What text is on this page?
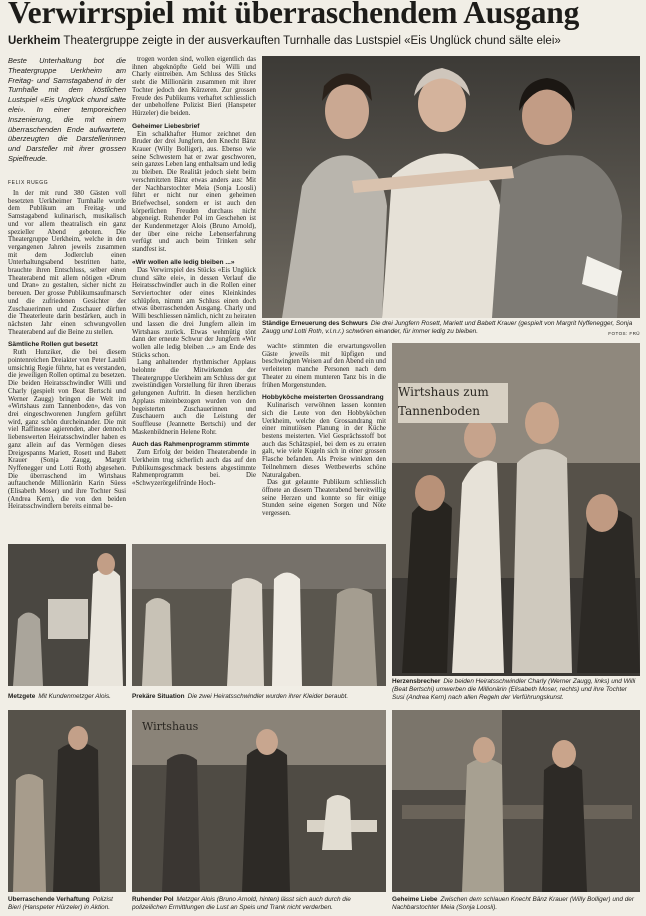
Verwirrspiel mit überraschendem Ausgang
Uerkheim Theatergruppe zeigte in der ausverkauften Turnhalle das Lustspiel «Eis Unglück chund sälte elei»
Beste Unterhaltung bot die Theatergruppe Uerkheim am Freitag- und Samstagabend in der Turnhalle mit dem köstlichen Lustspiel «Eis Unglück chund sälte elei». In einer temporeichen Inszenierung, die mit einem überraschenden Ende aufwartete, überzeugten die Darstellerinnen und Darsteller mit ihrer grossen Spielfreude.
FELIX RÜEGG

In der mit rund 380 Gästen voll besetzten Uerkheimer Turnhalle wurde dem Publikum am Freitag- und Samstagabend kulinarisch, musikalisch und vor allem theatralisch ein ganz spezieller Abend geboten. Die Theatergruppe Uerkheim, welche in den vergangenen Jahren jeweils zusammen mit dem Jodlerclub einen Unterhaltungsabend bestritten hatte, brauchte ihren Entschluss, selber einen Theaterabend mit allem nötigen «Drum und Dran» zu gestalten, sicher nicht zu bereuen. Der grosse Publikumsaufmarsch und die zufriedenen Gesichter der Zuschauerinnen und Zuschauer dürften die Theaterleute darin bestärken, auch in nächsten Jahr einen schwungvollen Theaterabend auf die Beine zu stellen.

Sämtliche Rollen gut besetzt

Ruth Hunziker, die bei diesem pointenreichen Dreiakter von Peter Laubli umsichtig Regie führte, hat es verstanden, die jeweiligen Rollen optimal zu besetzen. Die beiden Heiratsschwindler Willi und Charly (gespielt von Beat Bertschi und Werner Zaugg) bringen die Welt im «Wirtshaus zum Tannenboden», das von drei eingeschworenen Jungfern geführt wird, ganz schön durcheinander. Die mit viel Raffinesse agierenden, aber dennoch liebenswerten Heiratsschwindler haben es ganz allein auf das Vermögen dieses Dreigespanns Mariett, Rosett und Babett Krauer (Sonja Zaugg, Margrit Nyffenegger und Lotti Roth) abgesehen. Die überraschend im Wirtshaus auftauchende Millionärin Karin Süess (Elisabeth Moser) und ihre Tochter Susi (Andrea Kern), die von den beiden Heiratsschwindlern bereits einmal be-

trogen worden sind, wollen eigentlich das ihnen abgeknöpfte Geld bei Willi und Charly eintreiben. Am Schluss des Stücks steht die Millionärin zusammen mit ihrer Tochter jedoch den Kürzeren. Zur grossen Freude des Publikums verhaftet schliesslich der unbeholfene Polizist Bieri (Hanspeter Hürzeler) die beiden.

Geheimer Liebesbrief

Ein schalkhafter Humor zeichnet den Bruder der drei Jungfern, den Knecht Bänz Krauer (Willy Bolliger), aus. Ebenso wie seine Schwestern hat er zwar geschworen, sein ganzes Leben lang enthaltsam und ledig zu bleiben. Die Realität jedoch sieht beim verschmitzten Bänz etwas anders aus: Mit der Nachbarstochter Meia (Sonja Loosli) führt er nicht nur einen geheimen Briefwechsel, sondern er ist auch den körperlichen Freuden durchaus nicht abgeneigt. Ruhender Pol im Geschehen ist der Kundenmetzger Alois (Bruno Arnold), der über eine reiche Lebenserfahrung verfügt und auch beim Trinken sehr standfest ist.

«Wir wollen alle ledig bleiben ...»

Das Verwirrspiel des Stücks «Eis Unglück chund sälte elei», in dessen Verlauf die Heiratsschwindler auch in die Rollen einer Serviertochter oder eines Kleinkindes schlüpfen, nimmt am Schluss einen doch etwas überraschenden Ausgang. Charly und Willi beschliessen nämlich, nicht zu heiraten und lassen die drei Jungfern allein im Wirtshaus zurück. Etwas wehmütig tönt dann der erneute Schwur der Jungfern «Wir wollen alle ledig bleiben ...» am Ende des Stücks schon.

Lang anhaltender rhythmischer Applaus belohnte die Mitwirkenden der Theatergruppe Uerkheim am Schluss der gut zweistündigen Vorstellung für ihren überaus gelungenen Auftritt. In diesen herzlichen Applaus miteinbezogen wurden von den begeisterten Zuschauerinnen und Zuschauern auch die Leistung der Souffleuse (Jeannette Bertschi) und der Maskenbildnerin Helene Rohr.

Auch das Rahmenprogramm stimmte

Zum Erfolg der beiden Theaterabende in Uerkheim trug sicherlich auch das auf den Publikumsgeschmack bestens abgestimmte Rahmenprogramm bei. Die «Schwyzerörgelifründe Hoch-

wacht» stimmten die erwartungsvollen Gäste jeweils mit lüpfigen und beschwingten Weisen auf den Abend ein und verleiteten manche Personen nach dem Theater zu einem munteren Tanz bis in die frühen Morgenstunden.

Hobbyköche meisterten Grossandrang

Kulinarisch verwöhnen lassen konnten sich die Leute von den Hobbyköchen Uerkheim, welche den Grossandrang mit einer minutiösen Planung in der Küche bestens meisterten. Viel Gesprächsstoff bot auch das Schätzspiel, bei dem es zu erraten galt, wie viele Kugeln sich in einer grossen Flasche befanden. Als Preise winkten den Teilnehmern dieses Wettbewerbs schöne Naturalgaben.

Das gut gelaunte Publikum schliesslich öffnete an diesem Theaterabend bereitwillig seine Herzen und konnte so für einige Stunden seine eigenen Sorgen und Nöte vergessen.

Ständige Erneuerung des Schwurs Die drei Jungfern Rosett, Mariett und Babett Krauer (gespielt von Margrit Nyffenegger, Sonja Zaugg und Lotti Roth, v.l.n.r.) schwören einander, für immer ledig zu bleiben.	FOTOS: FRÜ
Wirtshaus zum Tannenboden
Herzensbrecher Die beiden Heiratsschwindler Charly (Werner Zaugg, links) und Willi (Beat Bertschi) umwerben die Millionärin (Elisabeth Moser, rechts) und ihre Tochter Susi (Andrea Kern) nach allen Regeln der Verführungskunst.
Metzgete Mit Kundenmetzger Alois.	Prekäre Situation Die zwei Heiratsschwindler wurden ihrer Kleider beraubt.
Überraschende Verhaftung Polizist Bieri (Hanspeter Hürzeler) in Aktion.
Wirtshaus
Ruhender Pol Metzger Alois (Bruno Arnold, hinten) lässt sich auch durch die polizeilichen Ermittlungen die Lust an Speis und Trank nicht verderben.
Geheime Liebe Zwischen dem schlauen Knecht Bänz Krauer (Willy Bolliger) und der Nachbarstochter Meia (Sonja Loosli).
